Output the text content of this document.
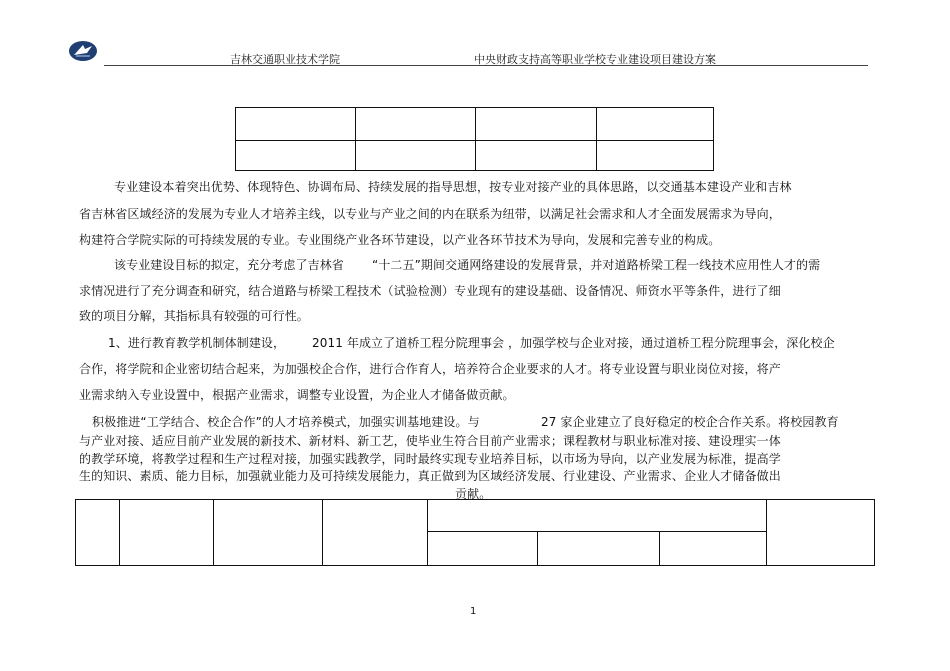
吉林交通职业技术学院	中央财政支持高等职业学校专业建设项目建设方案

专业建设本着突出优势、体现特色、协调布局、持续发展的指导思想，按专业对接产业的具体思路，以交通基本建设产业和吉林
省吉林省区域经济的发展为专业人才培养主线，以专业与产业之间的内在联系为纽带，以满足社会需求和人才全面发展需求为导向，
构建符合学院实际的可持续发展的专业。专业围绕产业各环节建设，以产业各环节技术为导向，发展和完善专业的构成。
该专业建设目标的拟定，充分考虑了吉林省 “十二五”期间交通网络建设的发展背景，并对道路桥梁工程一线技术应用性人才的需
求情况进行了充分调查和研究，结合道路与桥梁工程技术（试验检测）专业现有的建设基础、设备情况、师资水平等条件，进行了细
致的项目分解，其指标具有较强的可行性。
1、进行教育教学机制体制建设， 2011 年成立了道桥工程分院理事会 ，加强学校与企业对接，通过道桥工程分院理事会，深化校企
合作，将学院和企业密切结合起来，为加强校企合作，进行合作育人，培养符合企业要求的人才。将专业设置与职业岗位对接，将产
业需求纳入专业设置中，根据产业需求，调整专业设置，为企业人才储备做贡献。
积极推进“工学结合、校企合作”的人才培养模式，加强实训基地建设。与	27 家企业建立了良好稳定的校企合作关系。将校园教育
与产业对接、适应目前产业发展的新技术、新材料、新工艺，使毕业生符合目前产业需求；课程教材与职业标准对接、建设理实一体
的教学环境，将教学过程和生产过程对接，加强实践教学，同时最终实现专业培养目标，以市场为导向，以产业发展为标准，提高学
生的知识、素质、能力目标，加强就业能力及可持续发展能力，真正做到为区域经济发展、行业建设、产业需求、企业人才储备做出
贡献。

1
